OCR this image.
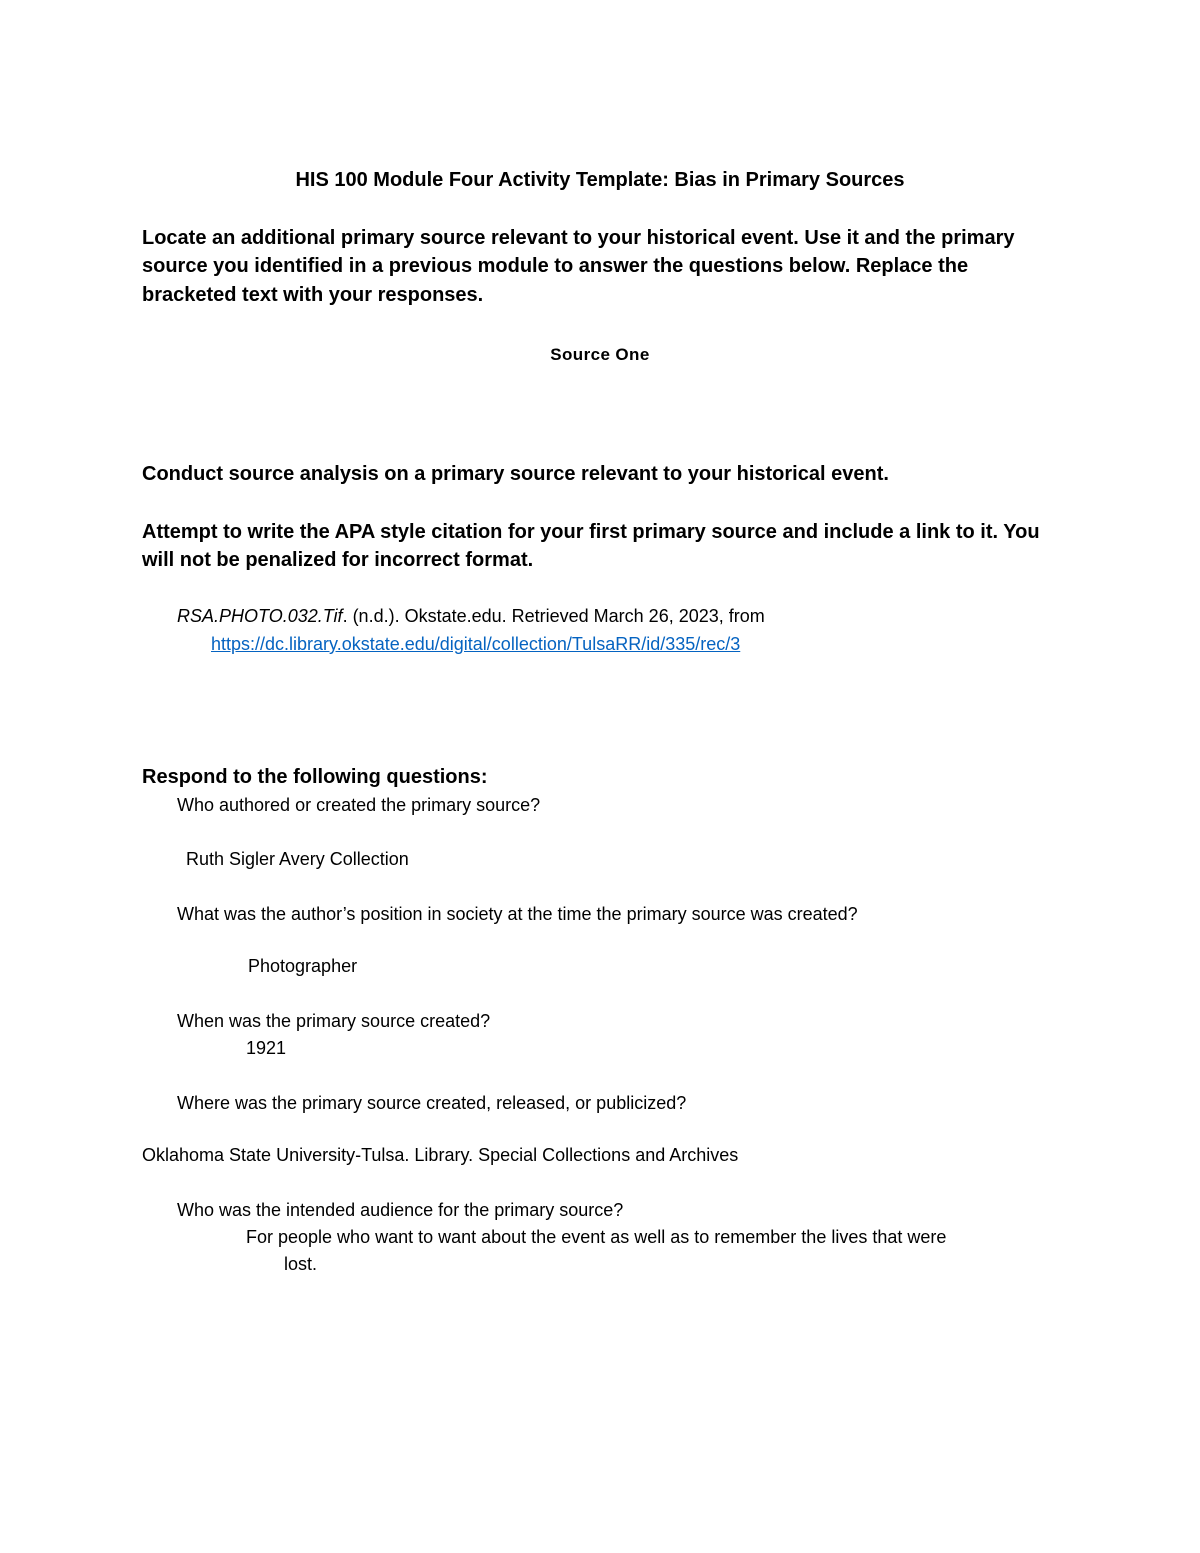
HIS 100 Module Four Activity Template: Bias in Primary Sources
Locate an additional primary source relevant to your historical event. Use it and the primary
source you identified in a previous module to answer the questions below. Replace the
bracketed text with your responses.
Source One
Conduct source analysis on a primary source relevant to your historical event.
Attempt to write the APA style citation for your first primary source and include a link to it. You
will not be penalized for incorrect format.
RSA.PHOTO.032.Tif. (n.d.). Okstate.edu. Retrieved March 26, 2023, from
https://dc.library.okstate.edu/digital/collection/TulsaRR/id/335/rec/3
Respond to the following questions:
Who authored or created the primary source?
Ruth Sigler Avery Collection
What was the author’s position in society at the time the primary source was created?
Photographer
When was the primary source created?
1921
Where was the primary source created, released, or publicized?
Oklahoma State University-Tulsa. Library. Special Collections and Archives
Who was the intended audience for the primary source?
For people who want to want about the event as well as to remember the lives that were
lost.
